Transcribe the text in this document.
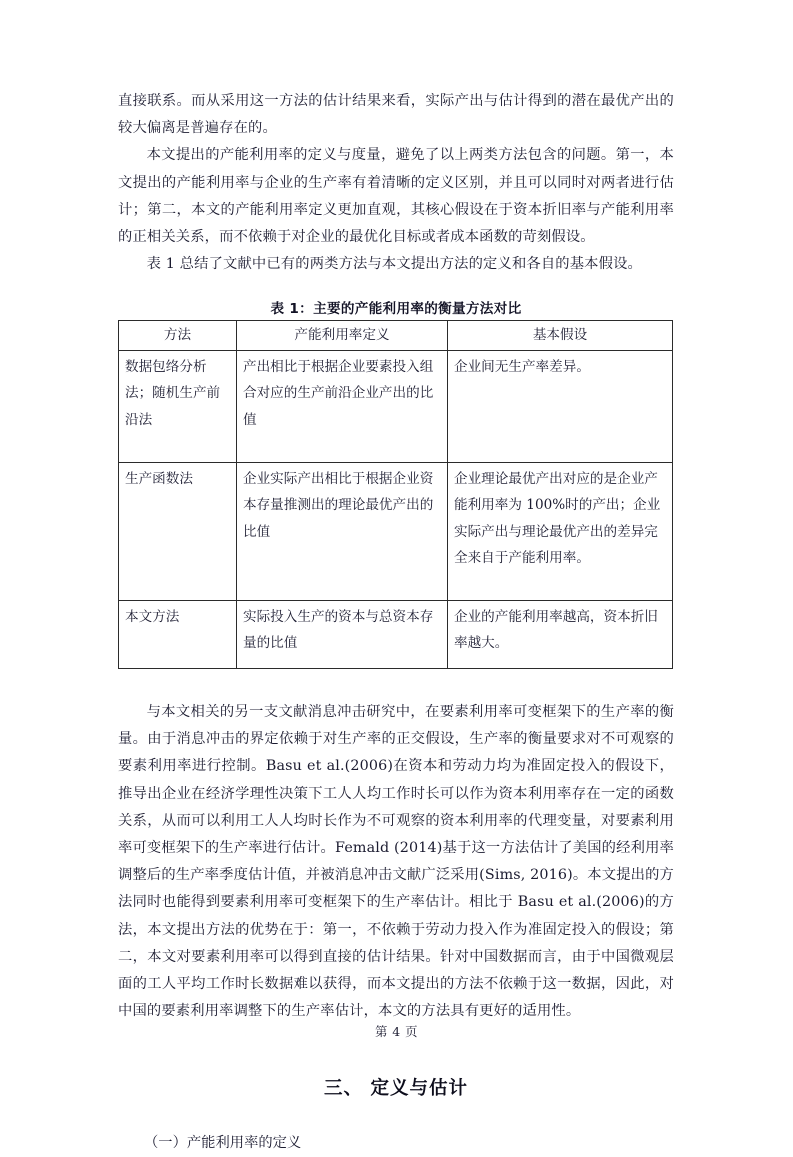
直接联系。而从采用这一方法的估计结果来看，实际产出与估计得到的潜在最优产出的较大偏离是普遍存在的。

本文提出的产能利用率的定义与度量，避免了以上两类方法包含的问题。第一，本文提出的产能利用率与企业的生产率有着清晰的定义区别，并且可以同时对两者进行估计；第二，本文的产能利用率定义更加直观，其核心假设在于资本折旧率与产能利用率的正相关关系，而不依赖于对企业的最优化目标或者成本函数的苛刻假设。

表 1 总结了文献中已有的两类方法与本文提出方法的定义和各自的基本假设。

表 1：主要的产能利用率的衡量方法对比
方法	产能利用率定义	基本假设
数据包络分析法；随机生产前沿法	产出相比于根据企业要素投入组合对应的生产前沿企业产出的比值	企业间无生产率差异。
生产函数法	企业实际产出相比于根据企业资本存量推测出的理论最优产出的比值	企业理论最优产出对应的是企业产能利用率为 100%时的产出；企业实际产出与理论最优产出的差异完全来自于产能利用率。
本文方法	实际投入生产的资本与总资本存量的比值	企业的产能利用率越高，资本折旧率越大。

与本文相关的另一支文献消息冲击研究中，在要素利用率可变框架下的生产率的衡量。由于消息冲击的界定依赖于对生产率的正交假设，生产率的衡量要求对不可观察的要素利用率进行控制。Basu et al.(2006)在资本和劳动力均为准固定投入的假设下，推导出企业在经济学理性决策下工人人均工作时长可以作为资本利用率存在一定的函数关系，从而可以利用工人人均时长作为不可观察的资本利用率的代理变量，对要素利用率可变框架下的生产率进行估计。Femald (2014)基于这一方法估计了美国的经利用率调整后的生产率季度估计值，并被消息冲击文献广泛采用(Sims, 2016)。本文提出的方法同时也能得到要素利用率可变框架下的生产率估计。相比于 Basu et al.(2006)的方法，本文提出方法的优势在于：第一，不依赖于劳动力投入作为准固定投入的假设；第二，本文对要素利用率可以得到直接的估计结果。针对中国数据而言，由于中国微观层面的工人平均工作时长数据难以获得，而本文提出的方法不依赖于这一数据，因此，对中国的要素利用率调整下的生产率估计，本文的方法具有更好的适用性。

三、 定义与估计

（一）产能利用率的定义

第 4 页
